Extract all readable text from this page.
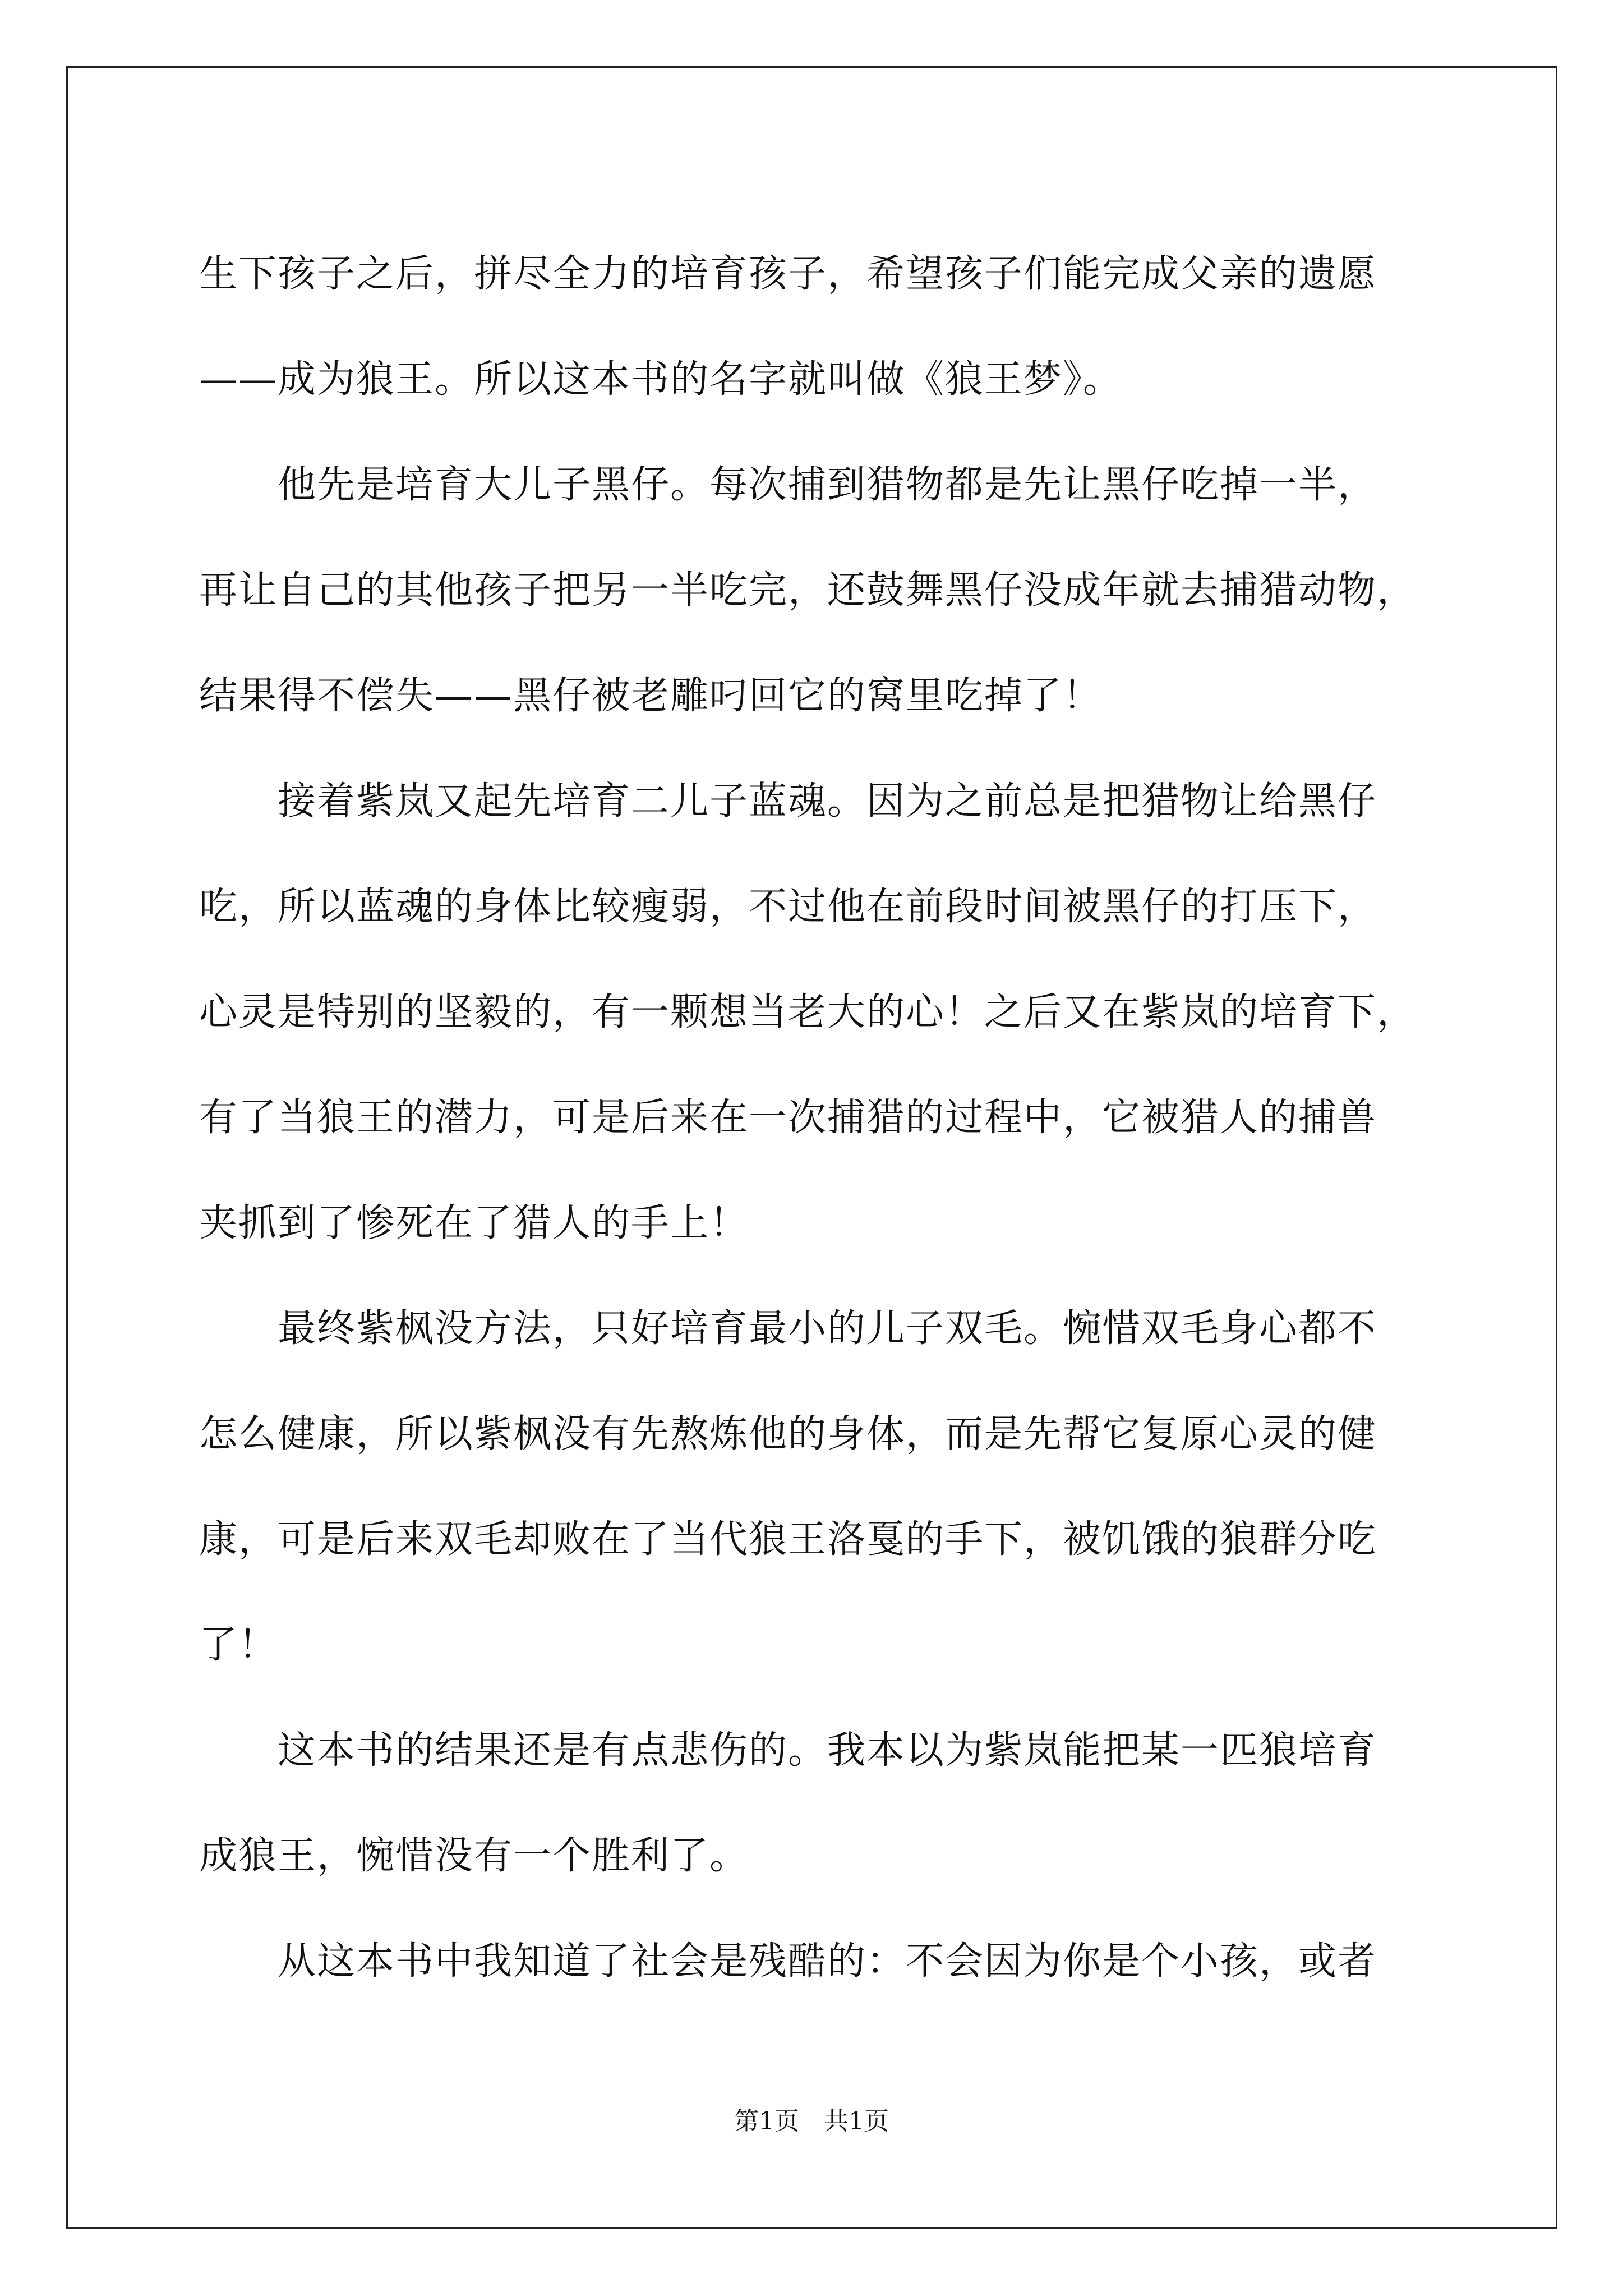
生下孩子之后，拼尽全力的培育孩子，希望孩子们能完成父亲的遗愿
——成为狼王。所以这本书的名字就叫做《狼王梦》。
　　他先是培育大儿子黑仔。每次捕到猎物都是先让黑仔吃掉一半，
再让自己的其他孩子把另一半吃完，还鼓舞黑仔没成年就去捕猎动物，
结果得不偿失——黑仔被老雕叼回它的窝里吃掉了！
　　接着紫岚又起先培育二儿子蓝魂。因为之前总是把猎物让给黑仔
吃，所以蓝魂的身体比较瘦弱，不过他在前段时间被黑仔的打压下，
心灵是特别的坚毅的，有一颗想当老大的心！之后又在紫岚的培育下，
有了当狼王的潜力，可是后来在一次捕猎的过程中，它被猎人的捕兽
夹抓到了惨死在了猎人的手上！
　　最终紫枫没方法，只好培育最小的儿子双毛。惋惜双毛身心都不
怎么健康，所以紫枫没有先熬炼他的身体，而是先帮它复原心灵的健
康，可是后来双毛却败在了当代狼王洛戛的手下，被饥饿的狼群分吃
了！
　　这本书的结果还是有点悲伤的。我本以为紫岚能把某一匹狼培育
成狼王，惋惜没有一个胜利了。
　　从这本书中我知道了社会是残酷的：不会因为你是个小孩，或者
第1页　共1页
